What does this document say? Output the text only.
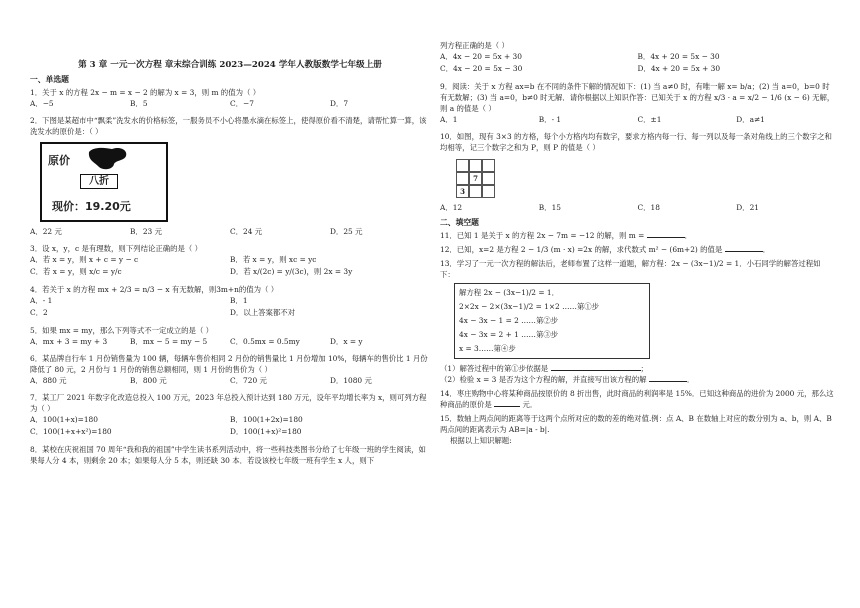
第 3 章 一元一次方程 章末综合训练 2023—2024 学年人教版数学七年级上册
一、单选题

1．关于 x 的方程 2x − m = x − 2 的解为 x = 3，则 m 的值为（ ）

A．−5	B．5	C．−7	D．7

2．下图是某超市中“飘柔”洗发水的价格标签，一服务员不小心将墨水滴在标签上，使得原价看不清楚，请帮忙算一算，该洗发水的原价是：（ ）

原价
八折
现价：19.20元
A．22 元	B．23 元	C．24 元	D．25 元

3．设 x，y，c 是有理数，则下列结论正确的是（ ）

A．若 x = y，则 x + c = y − c	B．若 x = y，则 xc = yc
C．若 x = y，则 x/c = y/c	D．若 x/(2c) = y/(3c)，则 2x = 3y

4．若关于 x 的方程 mx + 2/3 = n/3 − x 有无数解，则3m+n的值为（ ）

A．- 1	B．1
C．2	D．以上答案都不对

5．如果 mx = my，那么下列等式不一定成立的是（ ）

A．mx + 3 = my + 3	B．mx − 5 = my − 5	C．0.5mx = 0.5my	D．x = y

6．某品牌自行车 1 月份销售量为 100 辆，每辆车售价相同 2 月份的销售量比 1 月份增加 10%，每辆车的售价比 1 月份降低了 80 元，2 月份与 1 月份的销售总额相同，则 1 月份的售价为（ ）

A．880 元	B．800 元	C．720 元	D．1080 元

7．某工厂 2021 年数字化改造总投入 100 万元，2023 年总投入预计达到 180 万元，设年平均增长率为 x，则可列方程为（ ）

A．100(1+x)=180	B．100(1+2x)=180
C．100(1+x+x²)=180	D．100(1+x)²=180

8．某校在庆祝祖国 70 周年“我和我的祖国”中学生读书系列活动中，将一些科技类图书分给了七年级一班的学生阅读，如果每人分 4 本，则剩余 20 本；如果每人分 5 本，则还缺 30 本．若设该校七年级一班有学生 x 人，则下

列方程正确的是（ ）

A．4x − 20 = 5x + 30	B．4x + 20 = 5x − 30
C．4x − 20 = 5x − 30	D．4x + 20 = 5x + 30

9．阅读：关于 x 方程 ax=b 在不同的条件下解的情况如下：(1) 当 a≠0 时，有唯一解 x= b/a；(2) 当 a=0，b=0 时有无数解；(3) 当 a=0，b≠0 时无解．请你根据以上知识作答：已知关于 x 的方程 x/3 · a = x/2 − 1/6 (x − 6) 无解，则 a 的值是（ ）

A．1	B．- 1	C．±1	D．a≠1

10．如图，现有 3×3 的方格，每个小方格内均有数字，要求方格内每一行、每一列以及每一条对角线上的三个数字之和均相等，记三个数字之和为 P，则 P 的值是（ ）

7
3
A．12	B．15	C．18	D．21
二、填空题

11．已知 1 是关于 x 的方程 2x − 7m = −12 的解，则 m =	．

12．已知，x=2 是方程 2 − 1/3 (m · x) =2x 的解，求代数式 m² − (6m+2) 的值是	．

13．学习了一元一次方程的解法后，老师布置了这样一道题，解方程：2x − (3x−1)/2 = 1．小石同学的解答过程如下：

解方程 2x − (3x−1)/2 = 1．
2×2x − 2×(3x−1)/2 = 1×2 ……第①步
4x − 3x − 1 = 2 ……第②步
4x − 3x = 2 + 1 ……第③步
x = 3……第④步

（1）解答过程中的第①步依据是	；

（2）检验 x = 3 是否为这个方程的解，并直接写出该方程的解	．

14．枣庄购物中心将某种商品按原价的 8 折出售，此时商品的利润率是 15%．已知这种商品的进价为 2000 元，那么这种商品的原价是	元．

15．数轴上两点间的距离等于这两个点所对应的数的差的绝对值.例：点 A、B 在数轴上对应的数分别为 a、b，则 A、B 两点间的距离表示为 AB=|a - b|.

根据以上知识解题:
